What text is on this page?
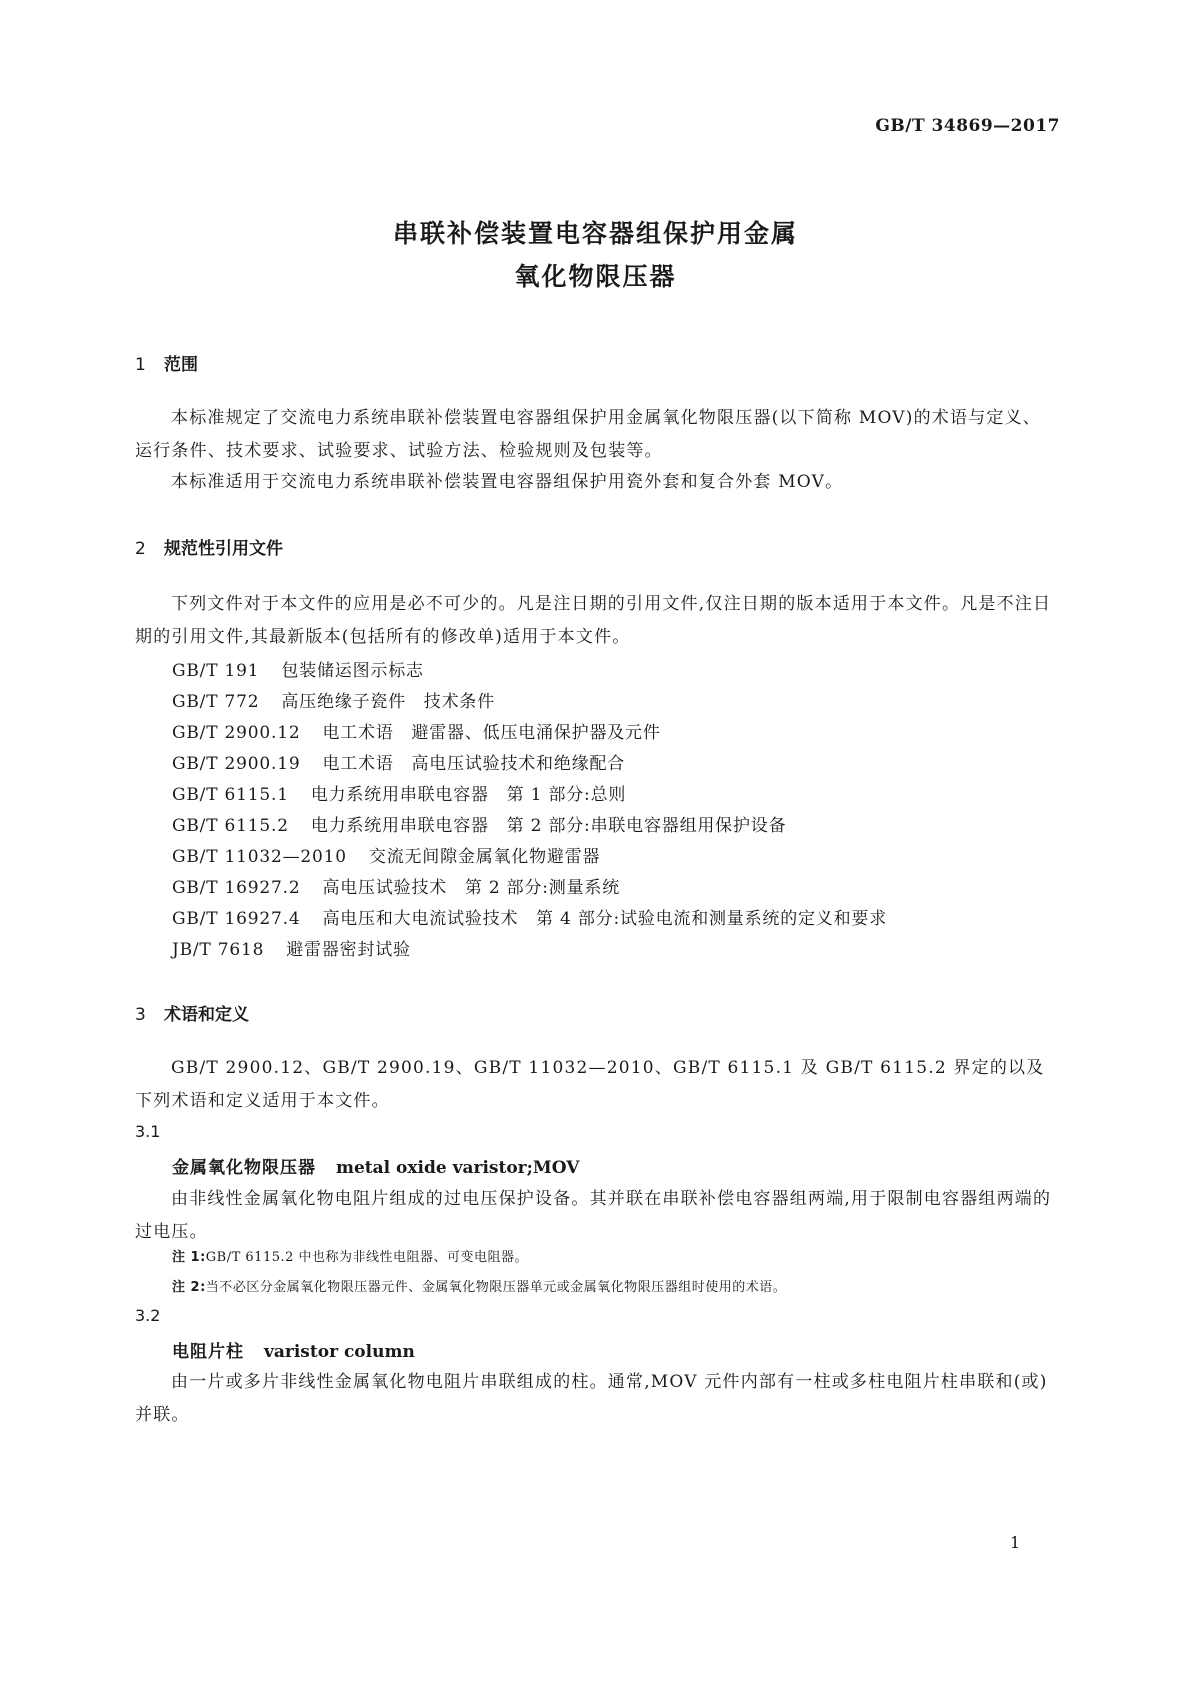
GB/T 34869—2017
串联补偿装置电容器组保护用金属
氧化物限压器
1 范围
本标准规定了交流电力系统串联补偿装置电容器组保护用金属氧化物限压器(以下简称 MOV)的术语与定义、运行条件、技术要求、试验要求、试验方法、检验规则及包装等。
本标准适用于交流电力系统串联补偿装置电容器组保护用瓷外套和复合外套 MOV。
2 规范性引用文件
下列文件对于本文件的应用是必不可少的。凡是注日期的引用文件,仅注日期的版本适用于本文件。凡是不注日期的引用文件,其最新版本(包括所有的修改单)适用于本文件。
GB/T 191 包装储运图示标志
GB/T 772 高压绝缘子瓷件　技术条件
GB/T 2900.12 电工术语　避雷器、低压电涌保护器及元件
GB/T 2900.19 电工术语　高电压试验技术和绝缘配合
GB/T 6115.1 电力系统用串联电容器　第 1 部分:总则
GB/T 6115.2 电力系统用串联电容器　第 2 部分:串联电容器组用保护设备
GB/T 11032—2010 交流无间隙金属氧化物避雷器
GB/T 16927.2 高电压试验技术　第 2 部分:测量系统
GB/T 16927.4 高电压和大电流试验技术　第 4 部分:试验电流和测量系统的定义和要求
JB/T 7618 避雷器密封试验
3 术语和定义
GB/T 2900.12、GB/T 2900.19、GB/T 11032—2010、GB/T 6115.1 及 GB/T 6115.2 界定的以及下列术语和定义适用于本文件。
3.1
金属氧化物限压器 metal oxide varistor;MOV
由非线性金属氧化物电阻片组成的过电压保护设备。其并联在串联补偿电容器组两端,用于限制电容器组两端的过电压。
注 1:GB/T 6115.2 中也称为非线性电阻器、可变电阻器。
注 2:当不必区分金属氧化物限压器元件、金属氧化物限压器单元或金属氧化物限压器组时使用的术语。
3.2
电阻片柱 varistor column
由一片或多片非线性金属氧化物电阻片串联组成的柱。通常,MOV 元件内部有一柱或多柱电阻片柱串联和(或)并联。
1
